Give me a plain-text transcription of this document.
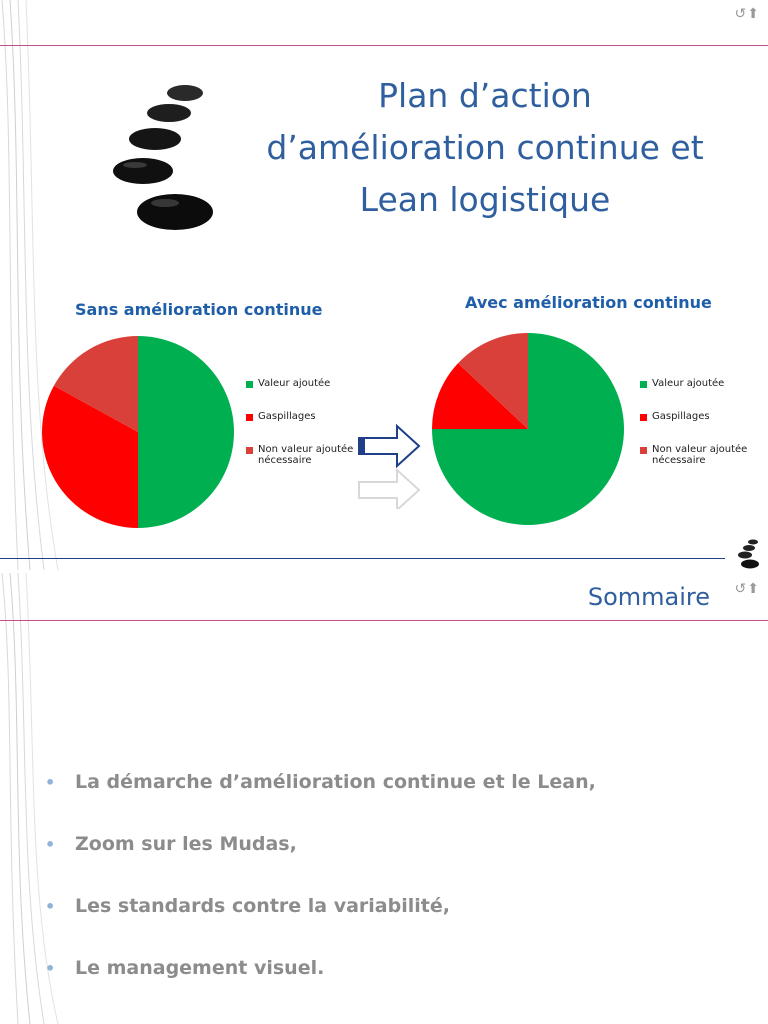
↺⬆
Plan d’action
d’amélioration continue et
Lean logistique
Sans amélioration continue
Valeur ajoutée
Gaspillages
Non valeur ajoutée nécessaire
Avec amélioration continue
Valeur ajoutée
Gaspillages
Non valeur ajoutée nécessaire
Sommaire ↺⬆
•	La démarche d’amélioration continue et le Lean,
•	Zoom sur les Mudas,
•	Les standards contre la variabilité,
•	Le management visuel.
